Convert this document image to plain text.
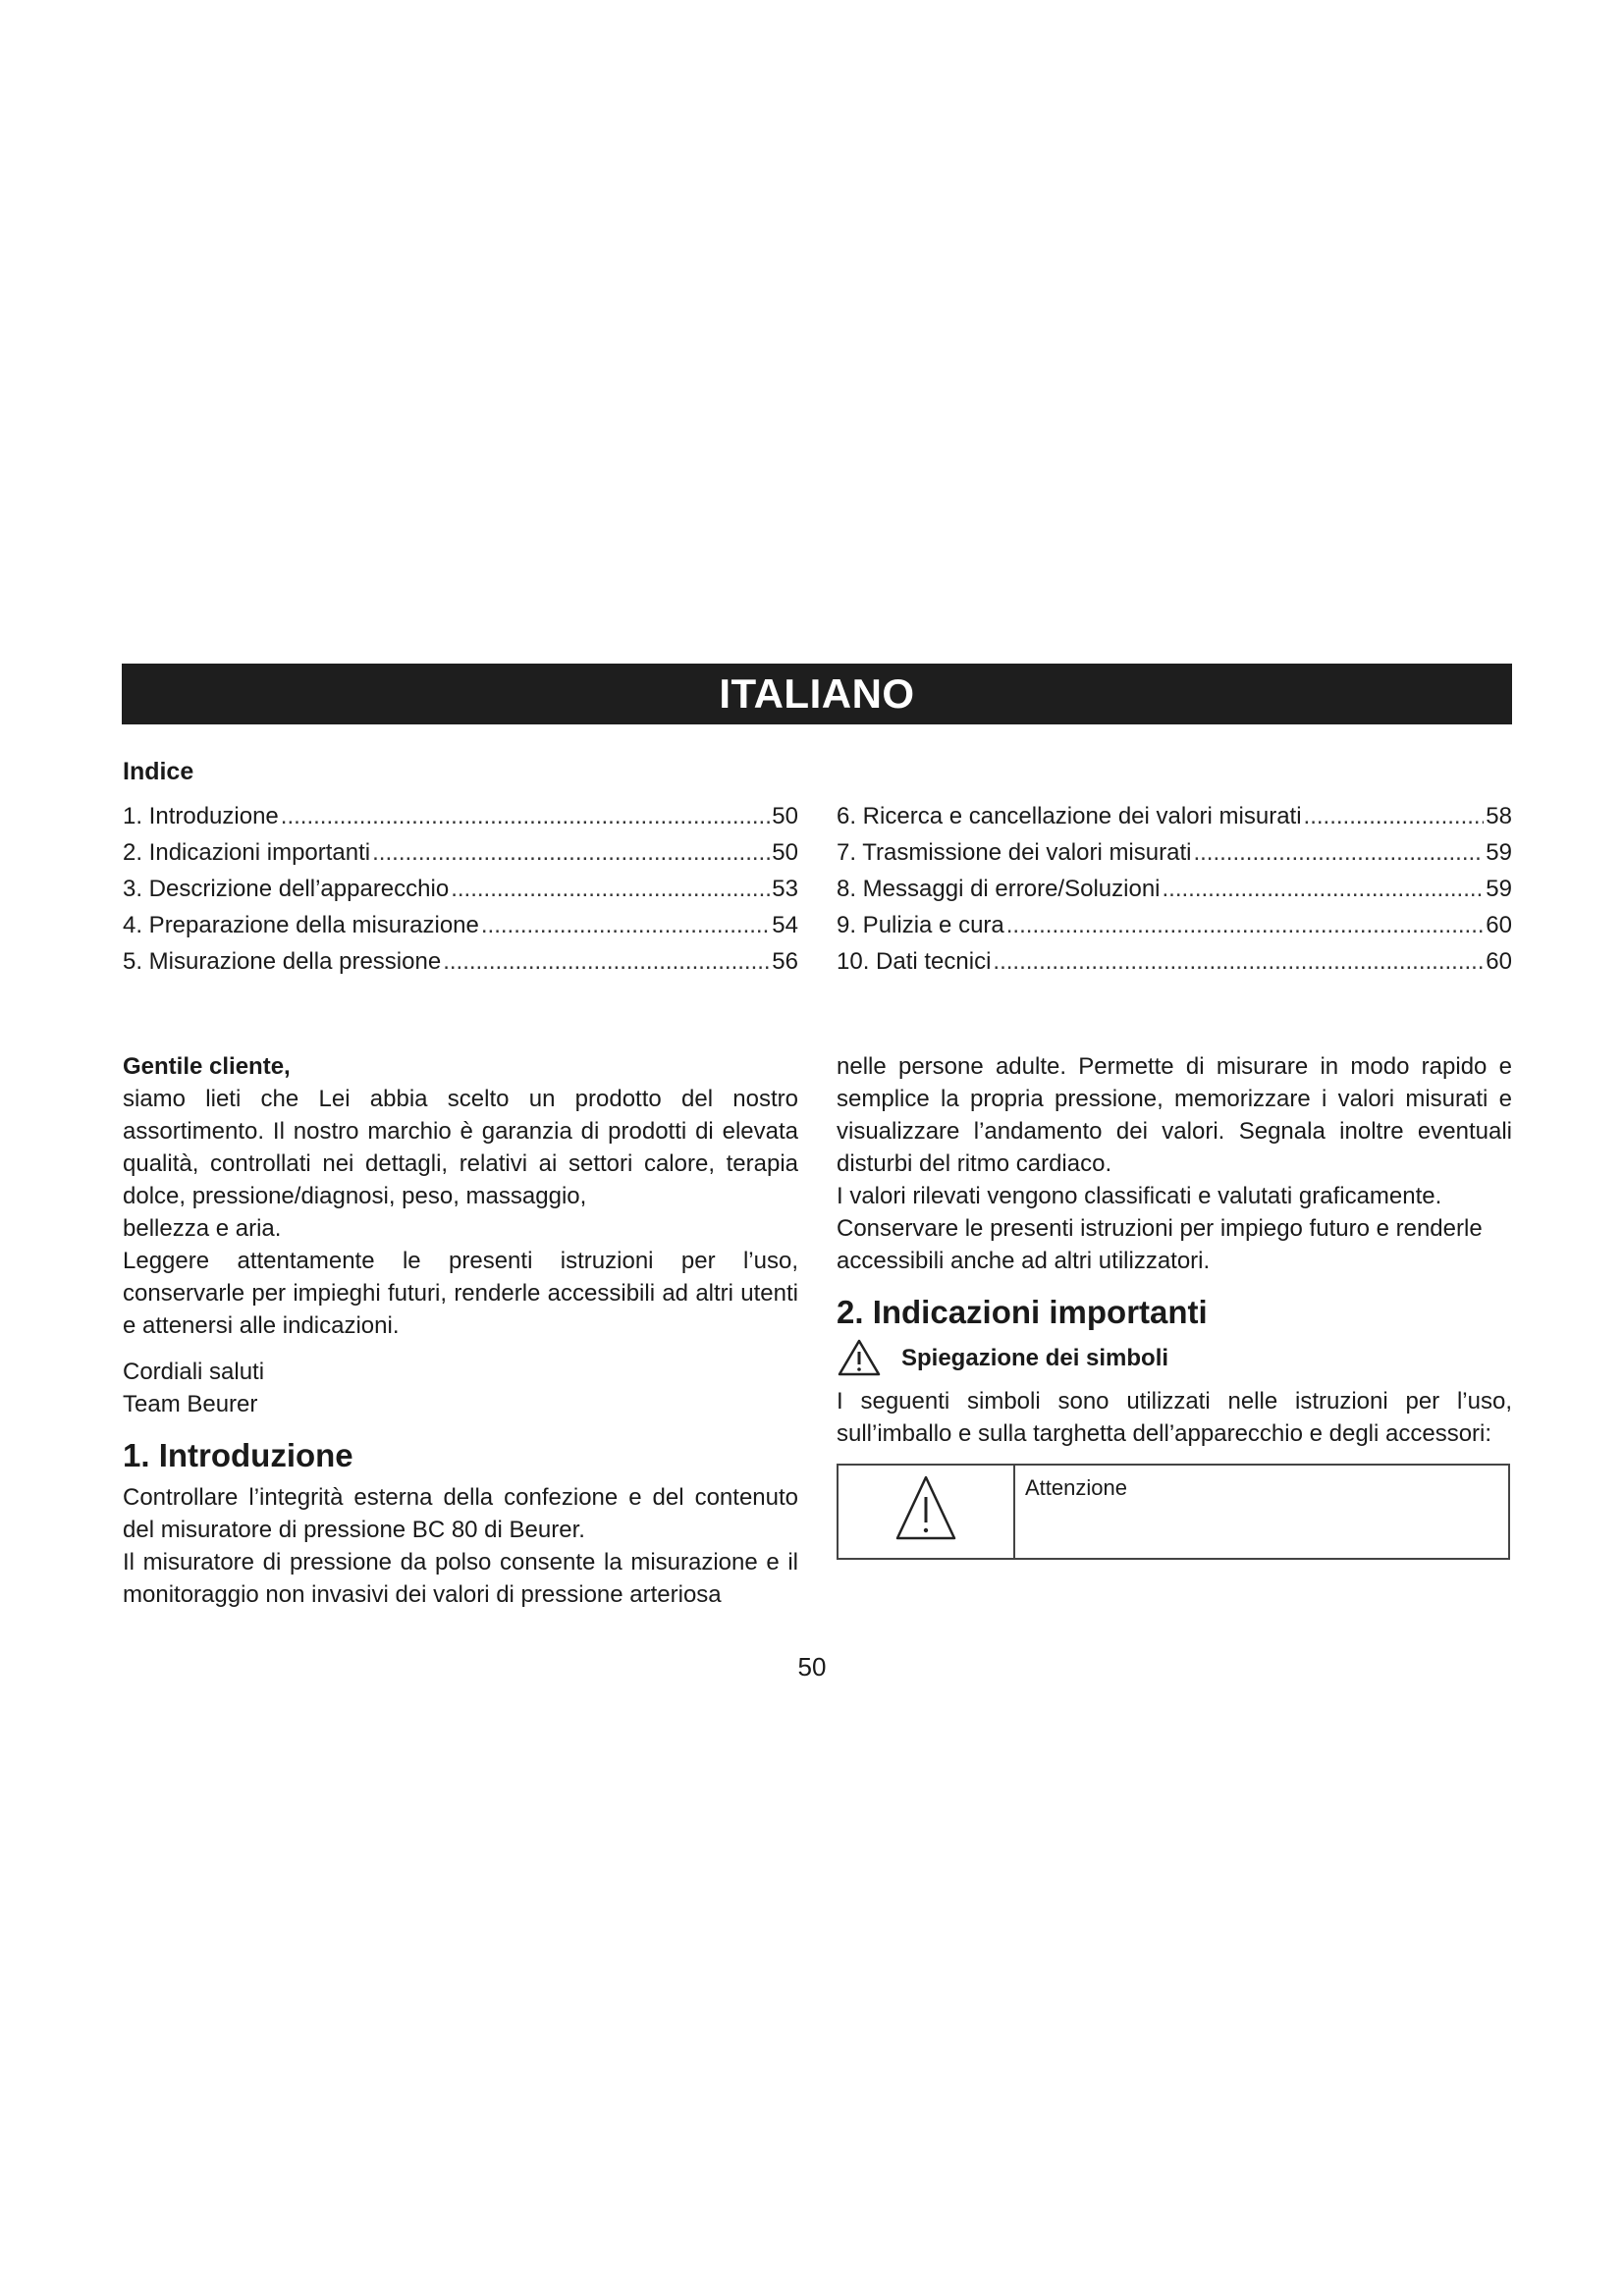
ITALIANO
Indice
1. Introduzione .....	50
2. Indicazioni importanti .....	50
3. Descrizione dell’apparecchio .....	53
4. Preparazione della misurazione .....	54
5. Misurazione della pressione .....	56
6. Ricerca e cancellazione dei valori misurati .....	58
7. Trasmissione dei valori misurati .....	59
8. Messaggi di errore/Soluzioni .....	59
9. Pulizia e cura .....	60
10. Dati tecnici .....	60

Gentile cliente,

siamo lieti che Lei abbia scelto un prodotto del nostro assortimento. Il nostro marchio è garanzia di prodotti di elevata qualità, controllati nei dettagli, relativi ai settori calore, terapia dolce, pressione/diagnosi, peso, massaggio,

bellezza e aria.

Leggere attentamente le presenti istruzioni per l’uso, conservarle per impieghi futuri, renderle accessibili ad altri utenti e attenersi alle indicazioni.

Cordiali saluti

Team Beurer

1. Introduzione

Controllare l’integrità esterna della confezione e del contenuto del misuratore di pressione BC 80 di Beurer.

Il misuratore di pressione da polso consente la misurazione e il monitoraggio non invasivi dei valori di pressione arteriosa

nelle persone adulte. Permette di misurare in modo rapido e semplice la propria pressione, memorizzare i valori misurati e visualizzare l’andamento dei valori. Segnala inoltre eventuali disturbi del ritmo cardiaco.

I valori rilevati vengono classificati e valutati graficamente.

Conservare le presenti istruzioni per impiego futuro e renderle accessibili anche ad altri utilizzatori.

2. Indicazioni importanti
Spiegazione dei simboli

I seguenti simboli sono utilizzati nelle istruzioni per l’uso, sull’imballo e sulla targhetta dell’apparecchio e degli accessori:

	Attenzione
50
